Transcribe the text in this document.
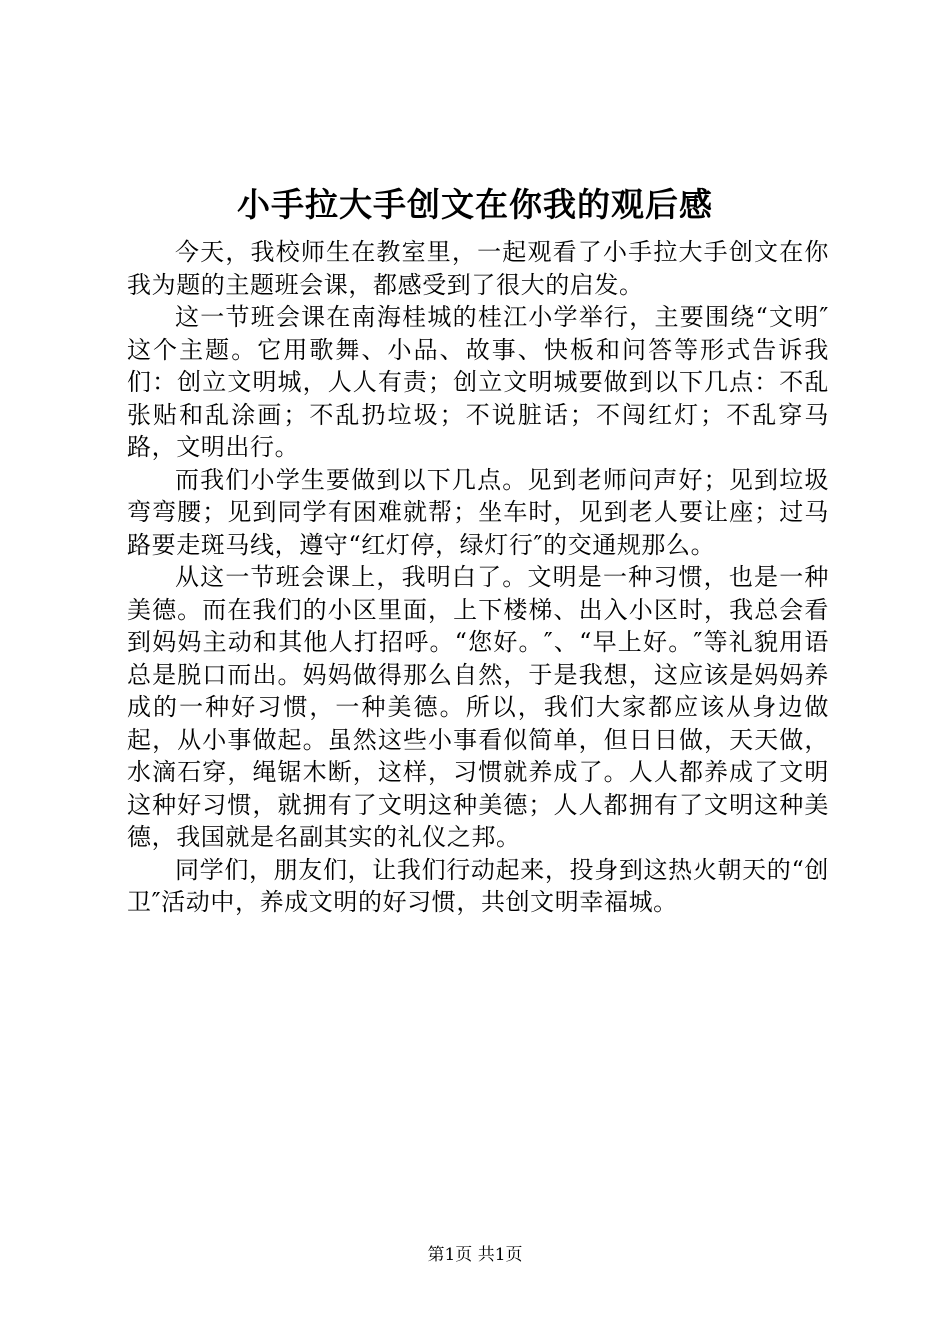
小手拉大手创文在你我的观后感

今天，我校师生在教室里，一起观看了小手拉大手创文在你我为题的主题班会课，都感受到了很大的启发。

这一节班会课在南海桂城的桂江小学举行，主要围绕“文明″这个主题。它用歌舞、小品、故事、快板和问答等形式告诉我们：创立文明城，人人有责；创立文明城要做到以下几点：不乱张贴和乱涂画；不乱扔垃圾；不说脏话；不闯红灯；不乱穿马路，文明出行。

而我们小学生要做到以下几点。见到老师问声好；见到垃圾弯弯腰；见到同学有困难就帮；坐车时，见到老人要让座；过马路要走斑马线，遵守“红灯停，绿灯行″的交通规那么。

从这一节班会课上，我明白了。文明是一种习惯，也是一种美德。而在我们的小区里面，上下楼梯、出入小区时，我总会看到妈妈主动和其他人打招呼。“您好。″、“早上好。″等礼貌用语总是脱口而出。妈妈做得那么自然，于是我想，这应该是妈妈养成的一种好习惯，一种美德。所以，我们大家都应该从身边做起，从小事做起。虽然这些小事看似简单，但日日做，天天做，水滴石穿，绳锯木断，这样，习惯就养成了。人人都养成了文明这种好习惯，就拥有了文明这种美德；人人都拥有了文明这种美德，我国就是名副其实的礼仪之邦。

同学们，朋友们，让我们行动起来，投身到这热火朝天的“创卫″活动中，养成文明的好习惯，共创文明幸福城。

第1页 共1页
